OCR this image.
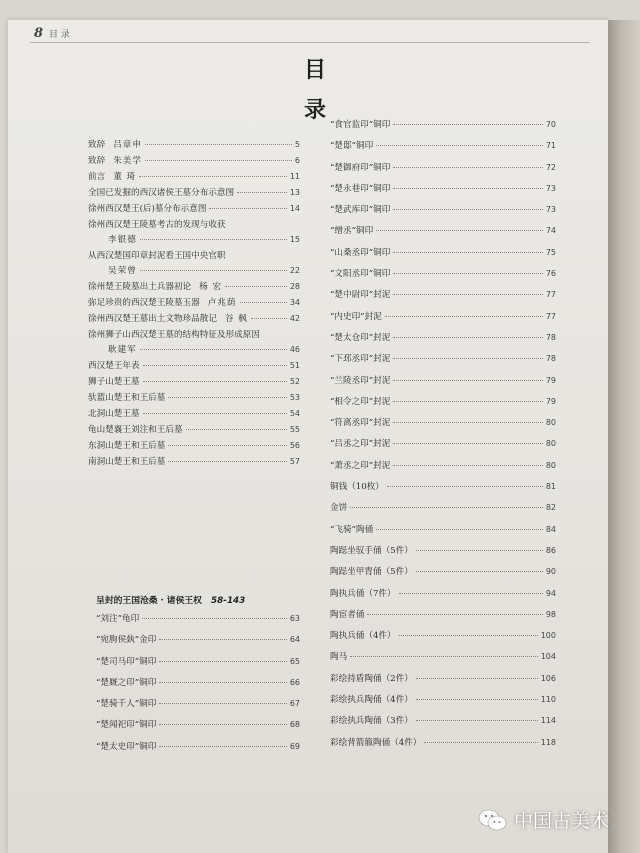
8 目 录
目
录
致辞 吕章申	5
致辞 朱美学	6
前言 董 琦	11
全国已发掘的西汉诸侯王墓分布示意图	13
徐州西汉楚王(后)墓分布示意图	14
徐州西汉楚王陵墓考古的发现与收获
李银德	15
从西汉楚国印章封泥看王国中央官职
吴荣曾	22
徐州楚王陵墓出土兵器初论 杨 宏	28
弥足珍贵的西汉楚王陵墓玉器 卢兆荫	34
徐州西汉楚王墓出土文物珍品散记 谷 枫	42
徐州狮子山西汉楚王墓的结构特征及形成原因
耿建军	46
西汉楚王年表	51
狮子山楚王墓	52
驮篮山楚王和王后墓	53
北洞山楚王墓	54
龟山楚襄王刘注和王后墓	55
东洞山楚王和王后墓	56
南洞山楚王和王后墓	57
呈封的王国沧桑 · 诸侯王权 58-143
“刘注”龟印	63
“宛朐侯埶”金印	64
“楚司马印”铜印	65
“楚厩之印”铜印	66
“楚骑千人”铜印	67
“楚闻祀印”铜印	68
“楚太史印”铜印	69
“食官监印”铜印	70
“楚邸”铜印	71
“楚御府印”铜印	72
“楚永巷印”铜印	73
“楚武库印”铜印	73
“缯丞”铜印	74
“山桑丞印”铜印	75
“文阳丞印”铜印	76
“楚中尉印”封泥	77
“内史印”封泥	77
“楚太仓印”封泥	78
“下邳丞印”封泥	78
“兰陵丞印”封泥	79
“相令之印”封泥	79
“符离丞印”封泥	80
“吕丞之印”封泥	80
“萧丞之印”封泥	80
铜钱（10枚）	81
金饼	82
“飞骑”陶俑	84
陶跽坐驭手俑（5件）	86
陶跽坐甲胄俑（5件）	90
陶执兵俑（7件）	94
陶宦者俑	98
陶执兵俑（4件）	100
陶马	104
彩绘持盾陶俑（2件）	106
彩绘执兵陶俑（4件）	110
彩绘执兵陶俑（3件）	114
彩绘背箭箙陶俑（4件）	118
中国古美术
